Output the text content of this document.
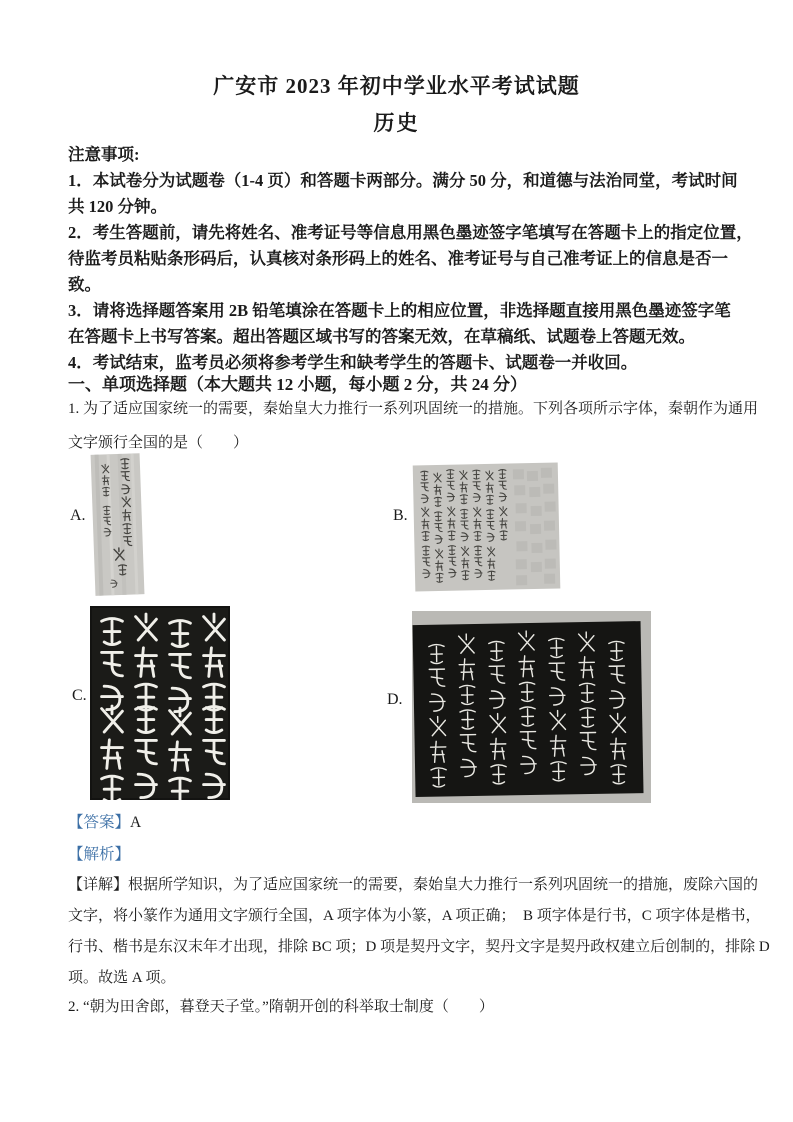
广安市 2023 年初中学业水平考试试题
历史
注意事项:
1．本试卷分为试题卷（1-4 页）和答题卡两部分。满分 50 分，和道德与法治同堂，考试时间
共 120 分钟。
2．考生答题前，请先将姓名、准考证号等信息用黑色墨迹签字笔填写在答题卡上的指定位置，
待监考员粘贴条形码后，认真核对条形码上的姓名、准考证号与自己准考证上的信息是否一
致。
3．请将选择题答案用 2B 铅笔填涂在答题卡上的相应位置，非选择题直接用黑色墨迹签字笔
在答题卡上书写答案。超出答题区域书写的答案无效，在草稿纸、试题卷上答题无效。
4．考试结束，监考员必须将参考学生和缺考学生的答题卡、试题卷一并收回。
一、单项选择题（本大题共 12 小题，每小题 2 分，共 24 分）
1. 为了适应国家统一的需要，秦始皇大力推行一系列巩固统一的措施。下列各项所示字体，秦朝作为通用
文字颁行全国的是（　　）
A.	B.
C.	D.
【答案】A
【解析】
【详解】根据所学知识，为了适应国家统一的需要，秦始皇大力推行一系列巩固统一的措施，废除六国的
文字，将小篆作为通用文字颁行全国，A 项字体为小篆，A 项正确；  B 项字体是行书，C 项字体是楷书，
行书、楷书是东汉末年才出现，排除 BC 项；D 项是契丹文字，契丹文字是契丹政权建立后创制的，排除 D
项。故选 A 项。
2. “朝为田舍郎，暮登天子堂。”隋朝开创的科举取士制度（　　）
